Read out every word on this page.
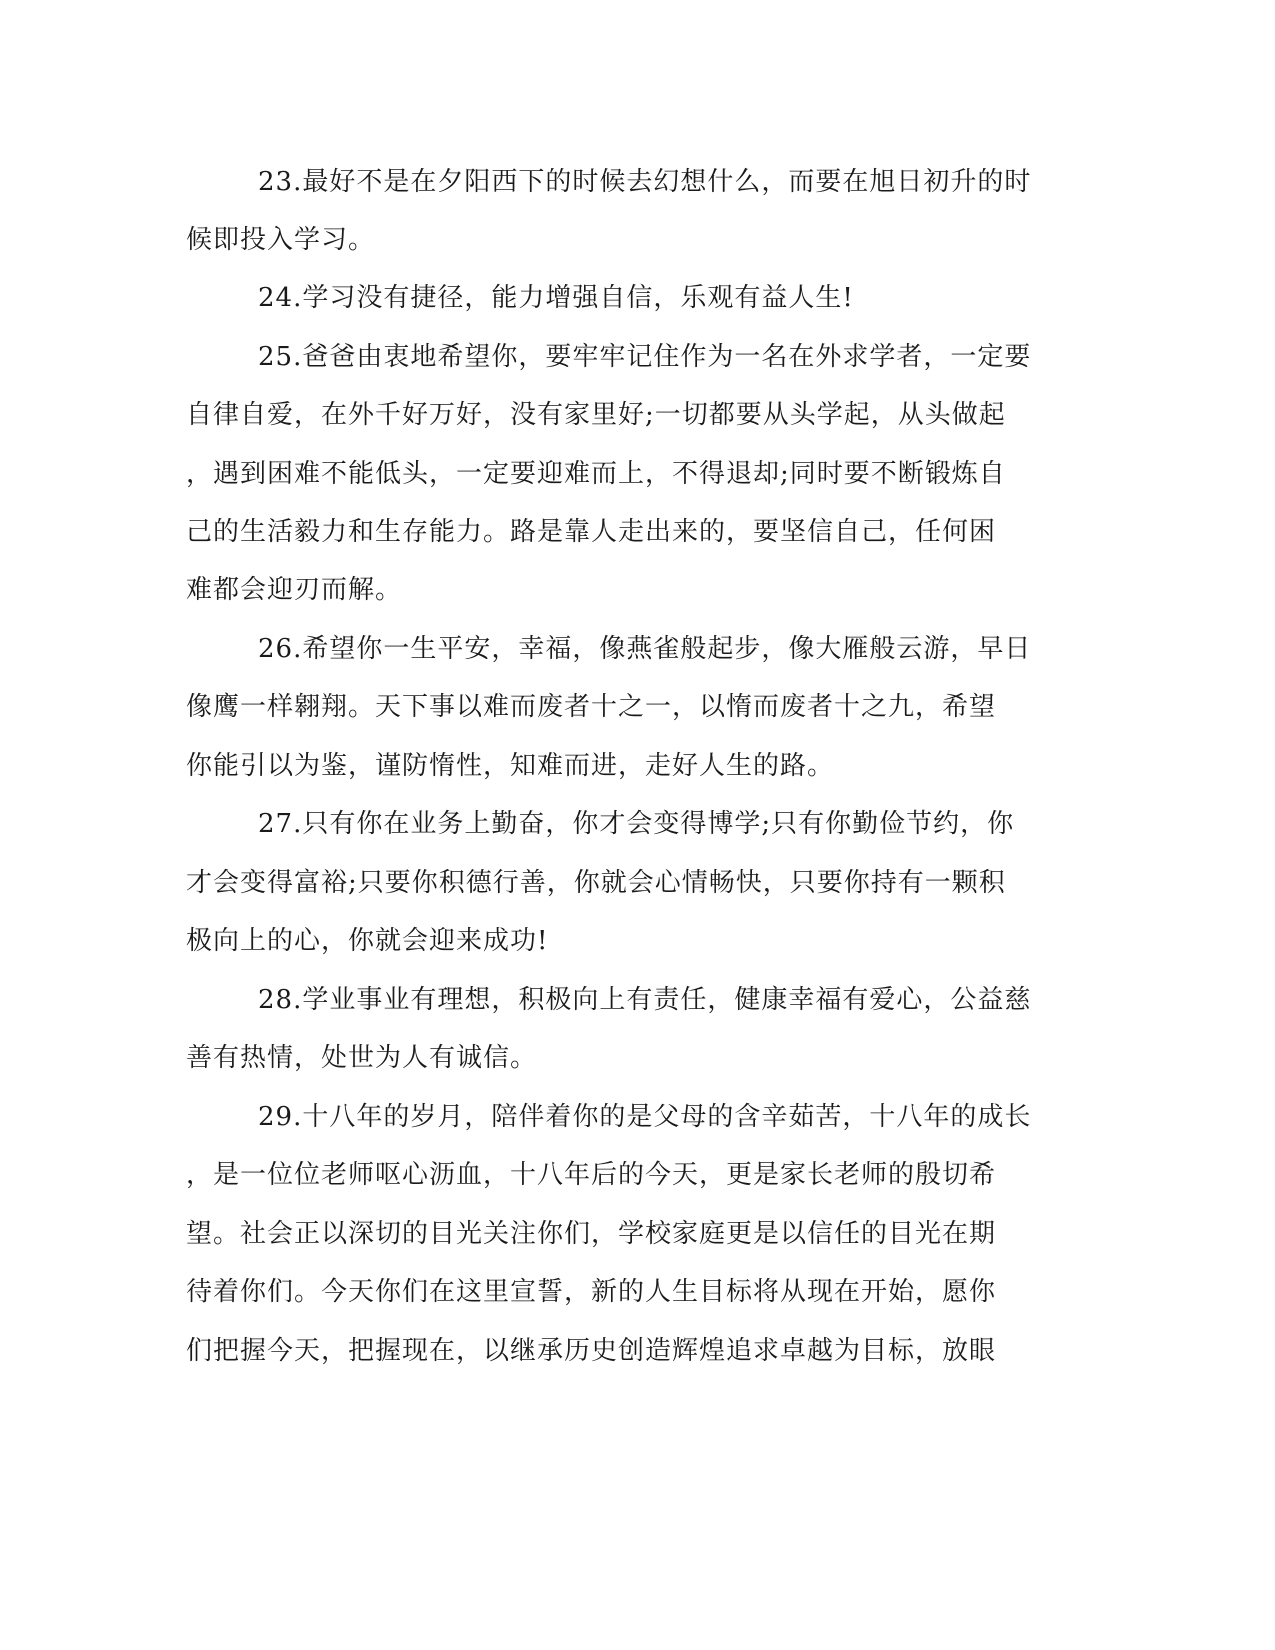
23.最好不是在夕阳西下的时候去幻想什么，而要在旭日初升的时
候即投入学习。
24.学习没有捷径，能力增强自信，乐观有益人生!
25.爸爸由衷地希望你，要牢牢记住作为一名在外求学者，一定要
自律自爱，在外千好万好，没有家里好;一切都要从头学起，从头做起
，遇到困难不能低头，一定要迎难而上，不得退却;同时要不断锻炼自
己的生活毅力和生存能力。路是靠人走出来的，要坚信自己，任何困
难都会迎刃而解。
26.希望你一生平安，幸福，像燕雀般起步，像大雁般云游，早日
像鹰一样翱翔。天下事以难而废者十之一，以惰而废者十之九，希望
你能引以为鉴，谨防惰性，知难而进，走好人生的路。
27.只有你在业务上勤奋，你才会变得博学;只有你勤俭节约，你
才会变得富裕;只要你积德行善，你就会心情畅快，只要你持有一颗积
极向上的心，你就会迎来成功!
28.学业事业有理想，积极向上有责任，健康幸福有爱心，公益慈
善有热情，处世为人有诚信。
29.十八年的岁月，陪伴着你的是父母的含辛茹苦，十八年的成长
，是一位位老师呕心沥血，十八年后的今天，更是家长老师的殷切希
望。社会正以深切的目光关注你们，学校家庭更是以信任的目光在期
待着你们。今天你们在这里宣誓，新的人生目标将从现在开始，愿你
们把握今天，把握现在，以继承历史创造辉煌追求卓越为目标，放眼
